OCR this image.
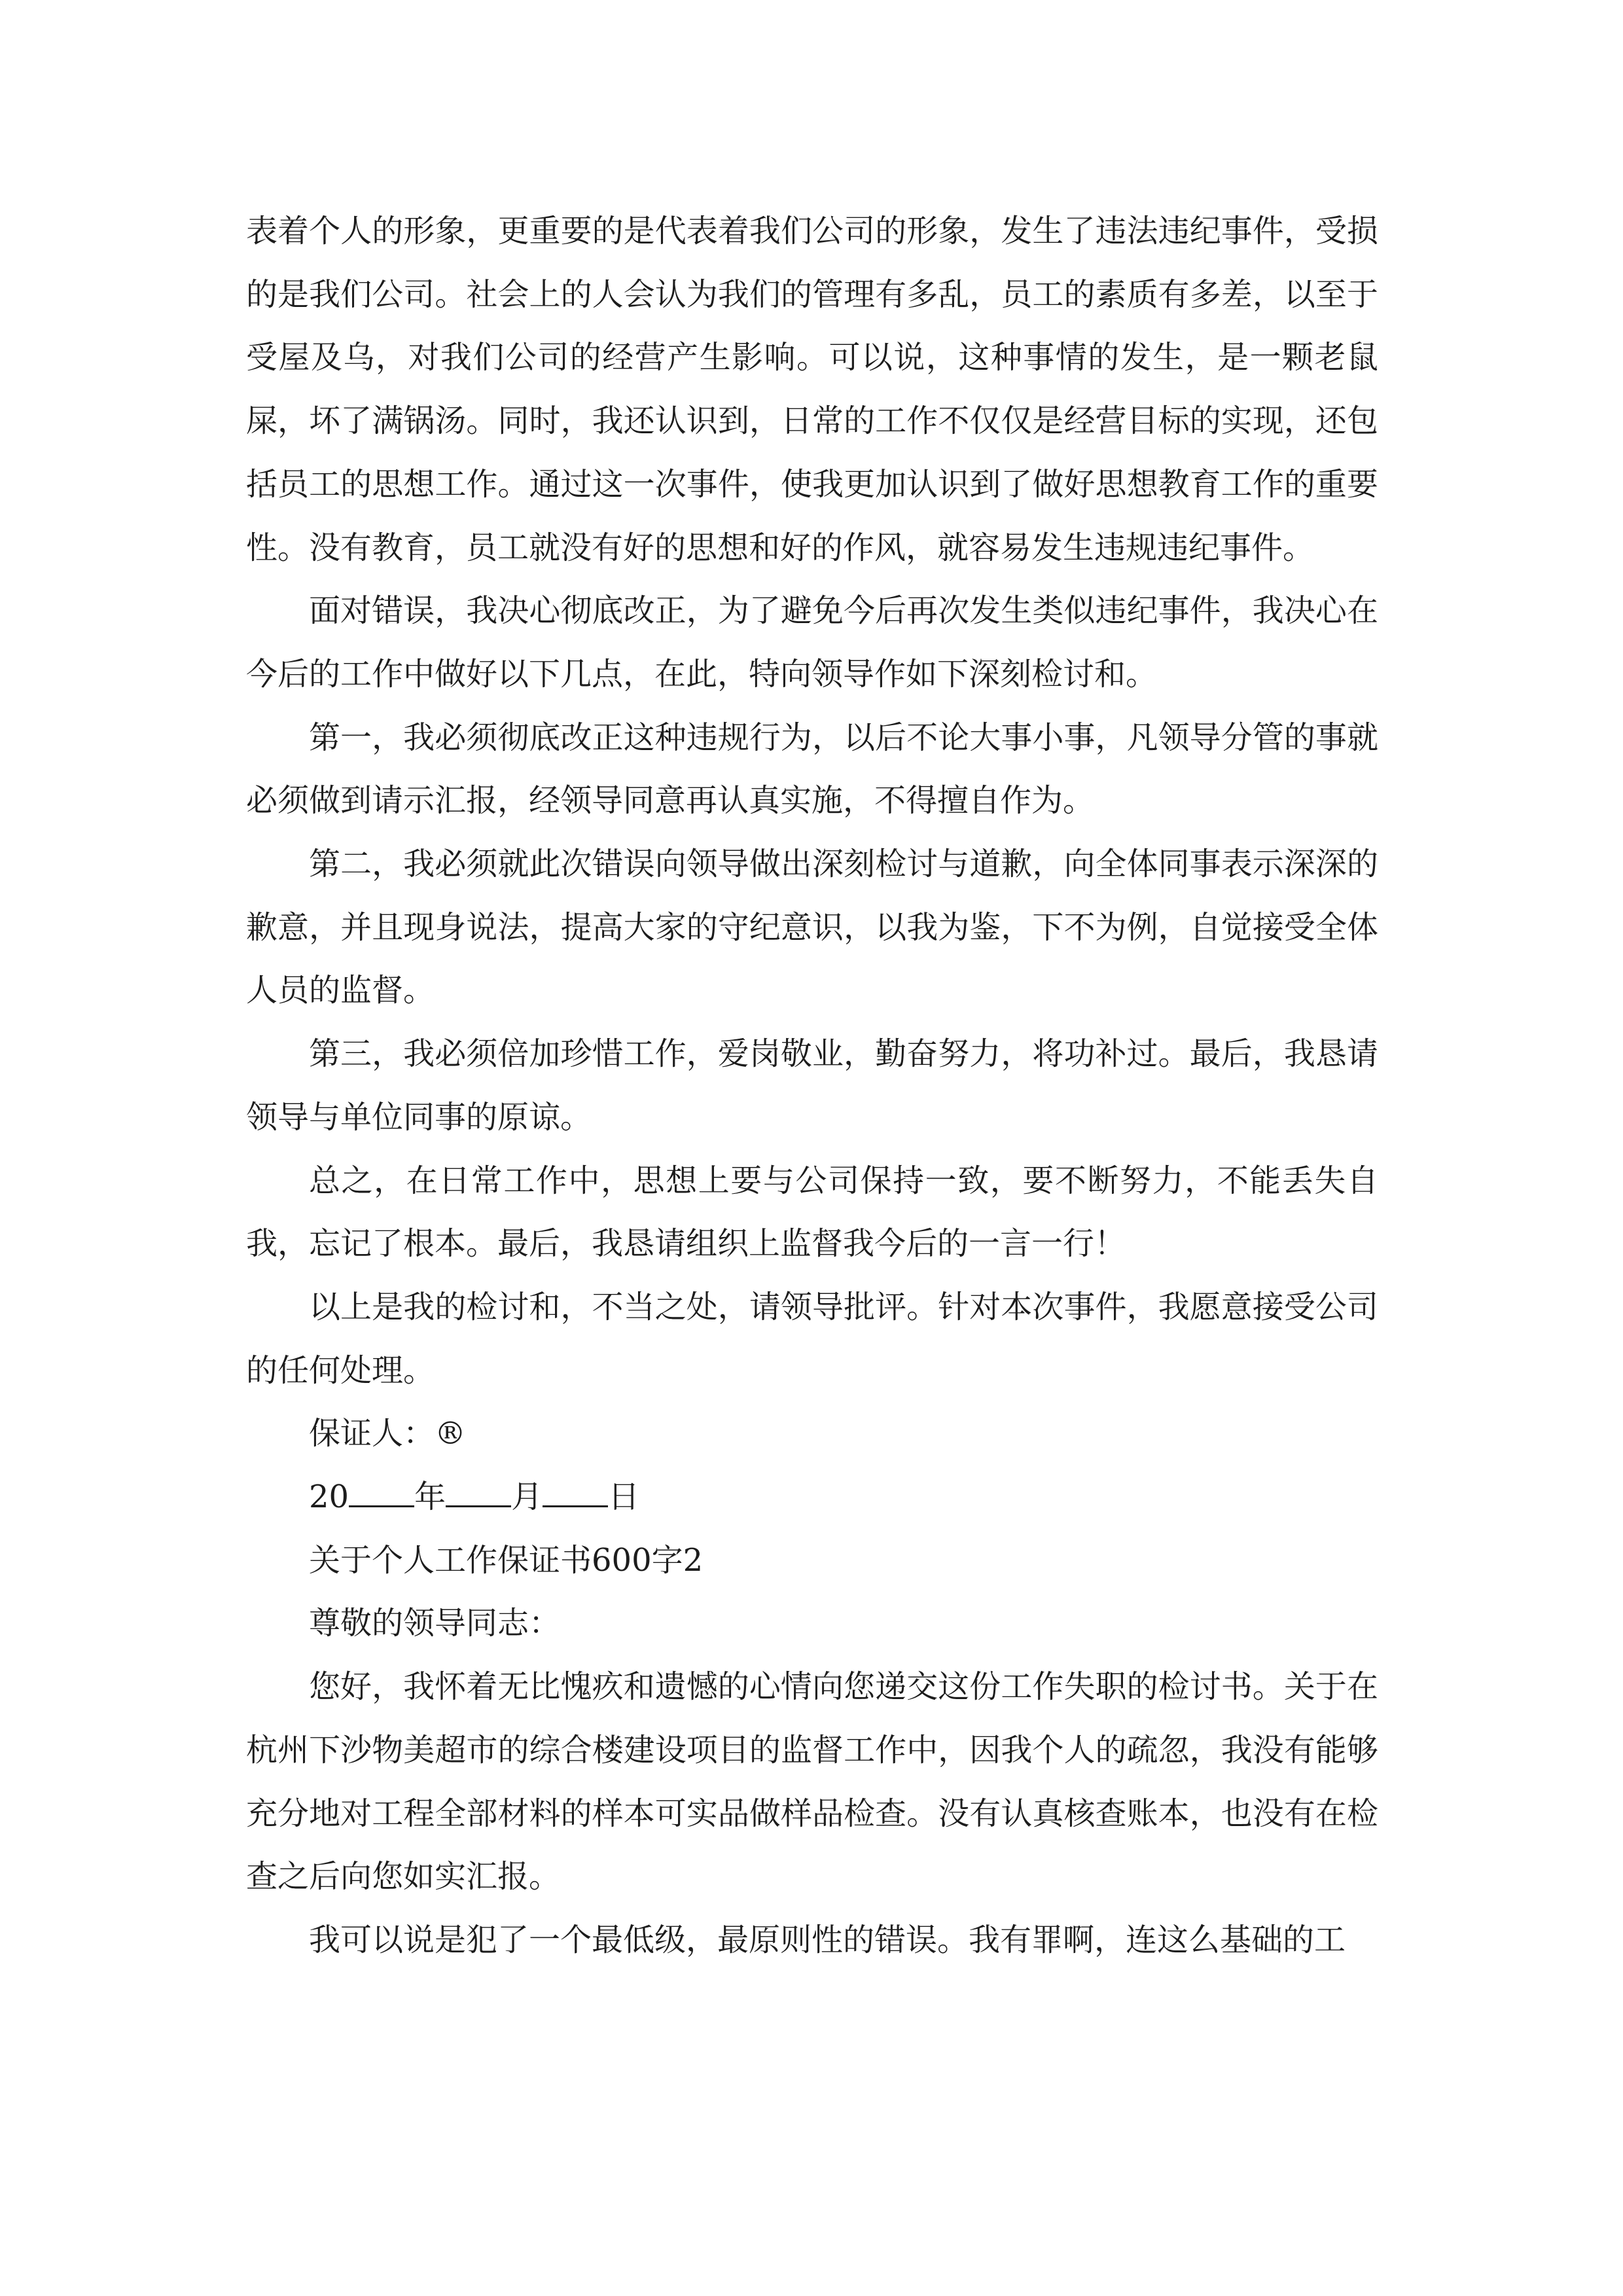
表着个人的形象，更重要的是代表着我们公司的形象，发生了违法违纪事件，受损的是我们公司。社会上的人会认为我们的管理有多乱，员工的素质有多差，以至于受屋及乌，对我们公司的经营产生影响。可以说，这种事情的发生，是一颗老鼠屎，坏了满锅汤。同时，我还认识到，日常的工作不仅仅是经营目标的实现，还包括员工的思想工作。通过这一次事件，使我更加认识到了做好思想教育工作的重要性。没有教育，员工就没有好的思想和好的作风，就容易发生违规违纪事件。

面对错误，我决心彻底改正，为了避免今后再次发生类似违纪事件，我决心在今后的工作中做好以下几点，在此，特向领导作如下深刻检讨和。

第一，我必须彻底改正这种违规行为，以后不论大事小事，凡领导分管的事就必须做到请示汇报，经领导同意再认真实施，不得擅自作为。

第二，我必须就此次错误向领导做出深刻检讨与道歉，向全体同事表示深深的歉意，并且现身说法，提高大家的守纪意识，以我为鉴，下不为例，自觉接受全体人员的监督。

第三，我必须倍加珍惜工作，爱岗敬业，勤奋努力，将功补过。最后，我恳请领导与单位同事的原谅。

总之，在日常工作中，思想上要与公司保持一致，要不断努力，不能丢失自我，忘记了根本。最后，我恳请组织上监督我今后的一言一行！

以上是我的检讨和，不当之处，请领导批评。针对本次事件，我愿意接受公司的任何处理。

保证人：®

20 年 月 日

关于个人工作保证书600字2

尊敬的领导同志：

您好，我怀着无比愧疚和遗憾的心情向您递交这份工作失职的检讨书。关于在杭州下沙物美超市的综合楼建设项目的监督工作中，因我个人的疏忽，我没有能够充分地对工程全部材料的样本可实品做样品检查。没有认真核查账本，也没有在检查之后向您如实汇报。

我可以说是犯了一个最低级，最原则性的错误。我有罪啊，连这么基础的工
